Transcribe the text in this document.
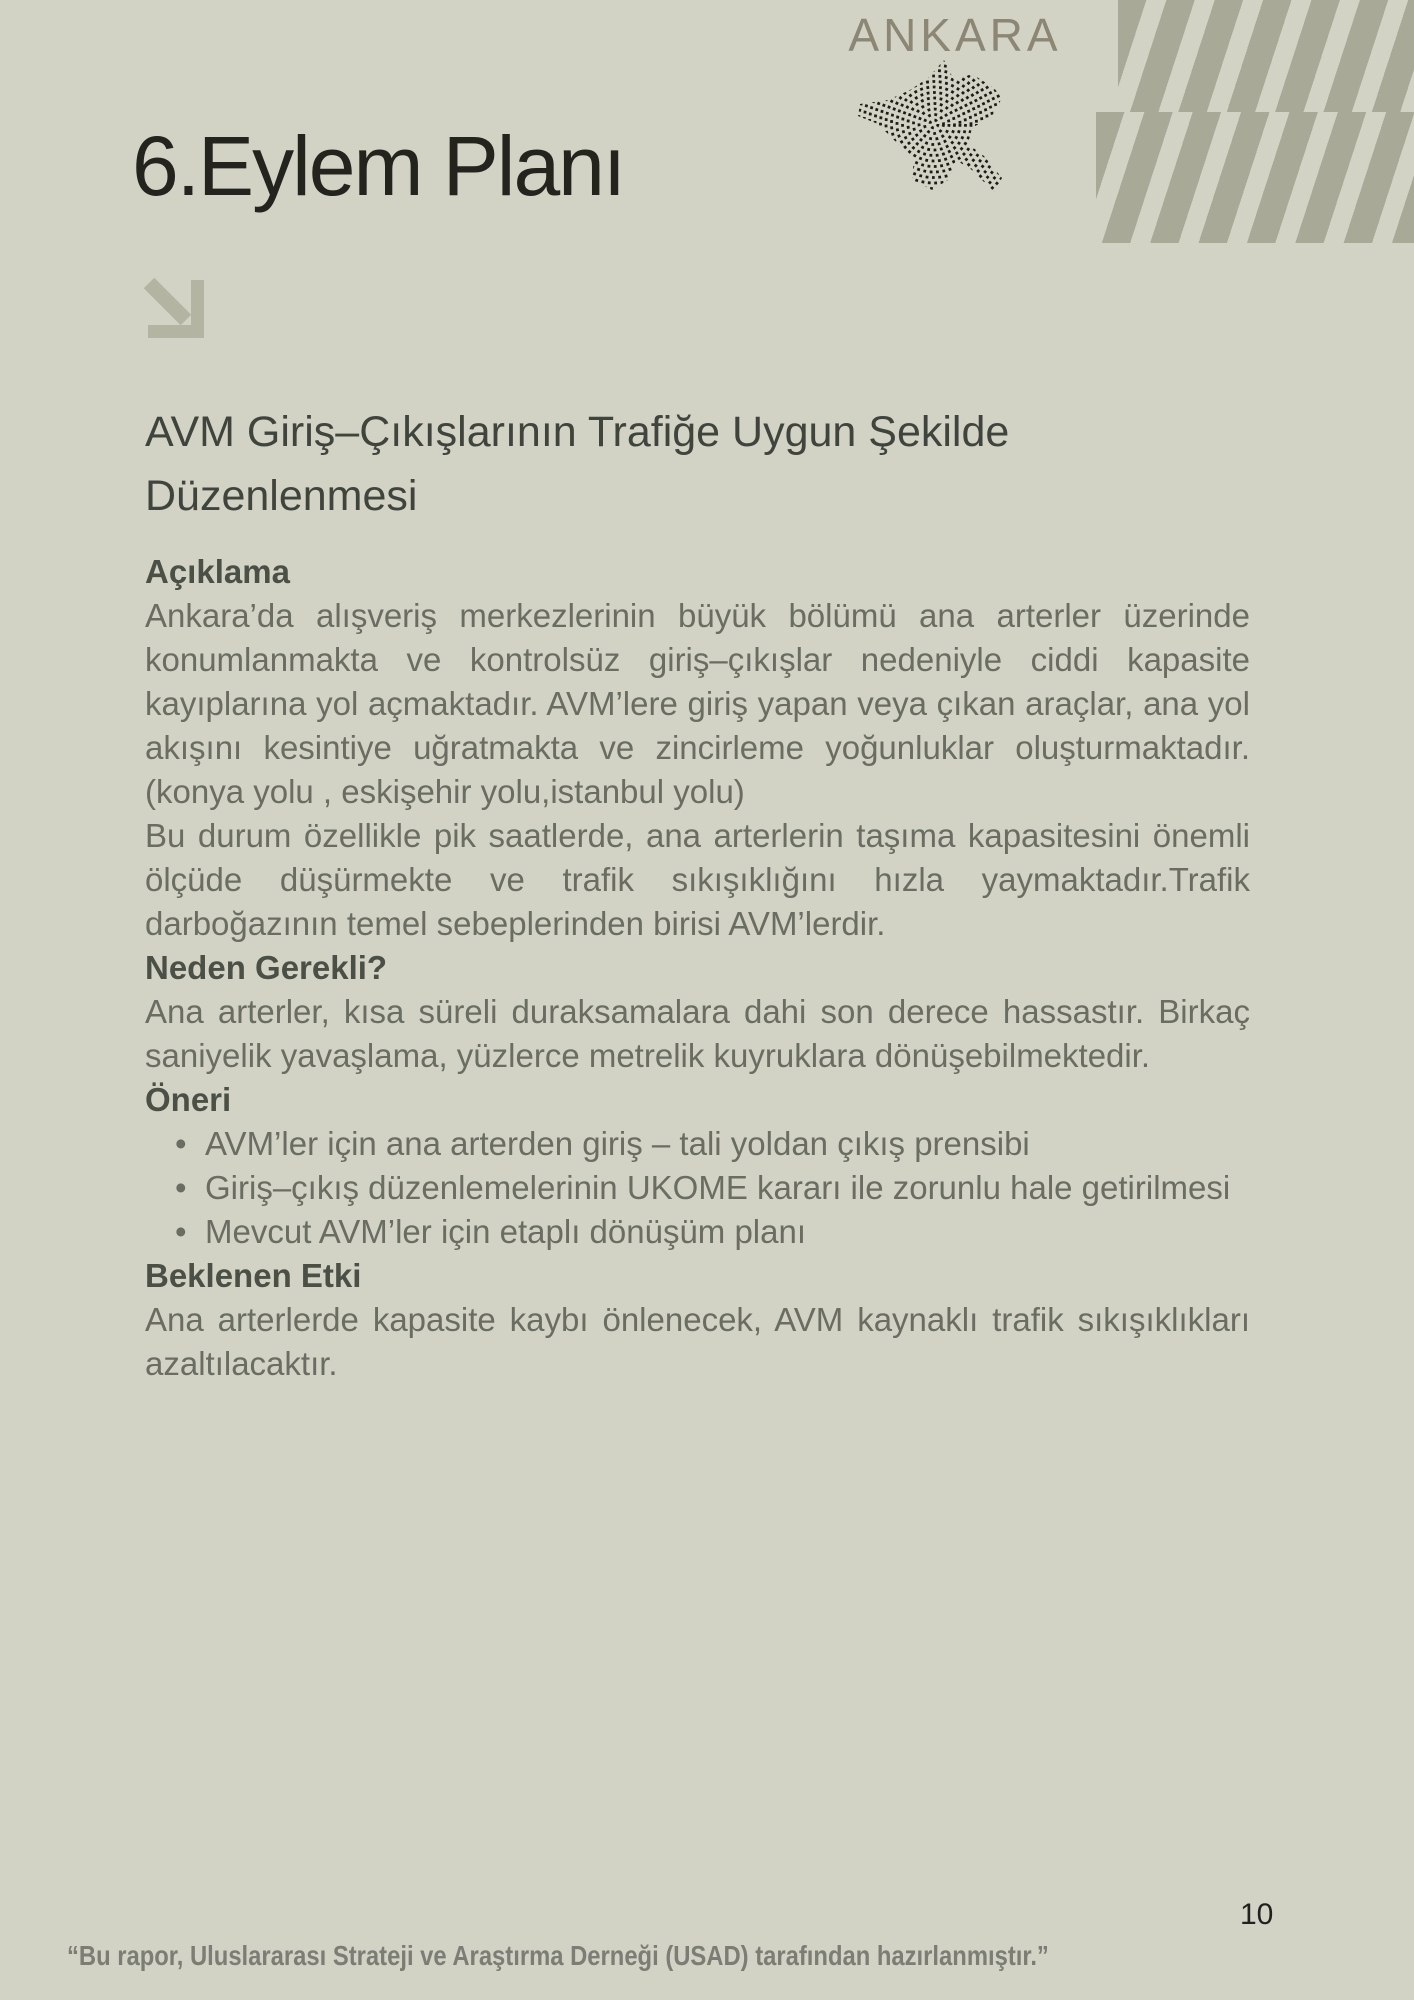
ANKARA
6.Eylem Planı
AVM Giriş–Çıkışlarının Trafiğe Uygun Şekilde Düzenlenmesi
Açıklama

Ankara’da alışveriş merkezlerinin büyük bölümü ana arterler üzerinde konumlanmakta ve kontrolsüz giriş–çıkışlar nedeniyle ciddi kapasite kayıplarına yol açmaktadır. AVM’lere giriş yapan veya çıkan araçlar, ana yol akışını kesintiye uğratmakta ve zincirleme yoğunluklar oluşturmaktadır.(konya yolu , eskişehir yolu,istanbul yolu)

Bu durum özellikle pik saatlerde, ana arterlerin taşıma kapasitesini önemli ölçüde düşürmekte ve trafik sıkışıklığını hızla yaymaktadır.Trafik darboğazının temel sebeplerinden birisi AVM’lerdir.

Neden Gerekli?

Ana arterler, kısa süreli duraksamalara dahi son derece hassastır. Birkaç saniyelik yavaşlama, yüzlerce metrelik kuyruklara dönüşebilmektedir.

Öneri
• AVM’ler için ana arterden giriş – tali yoldan çıkış prensibi
• Giriş–çıkış düzenlemelerinin UKOME kararı ile zorunlu hale getirilmesi
• Mevcut AVM’ler için etaplı dönüşüm planı
Beklenen Etki

Ana arterlerde kapasite kaybı önlenecek, AVM kaynaklı trafik sıkışıklıkları azaltılacaktır.

10
“Bu rapor, Uluslararası Strateji ve Araştırma Derneği (USAD) tarafından hazırlanmıştır.”
